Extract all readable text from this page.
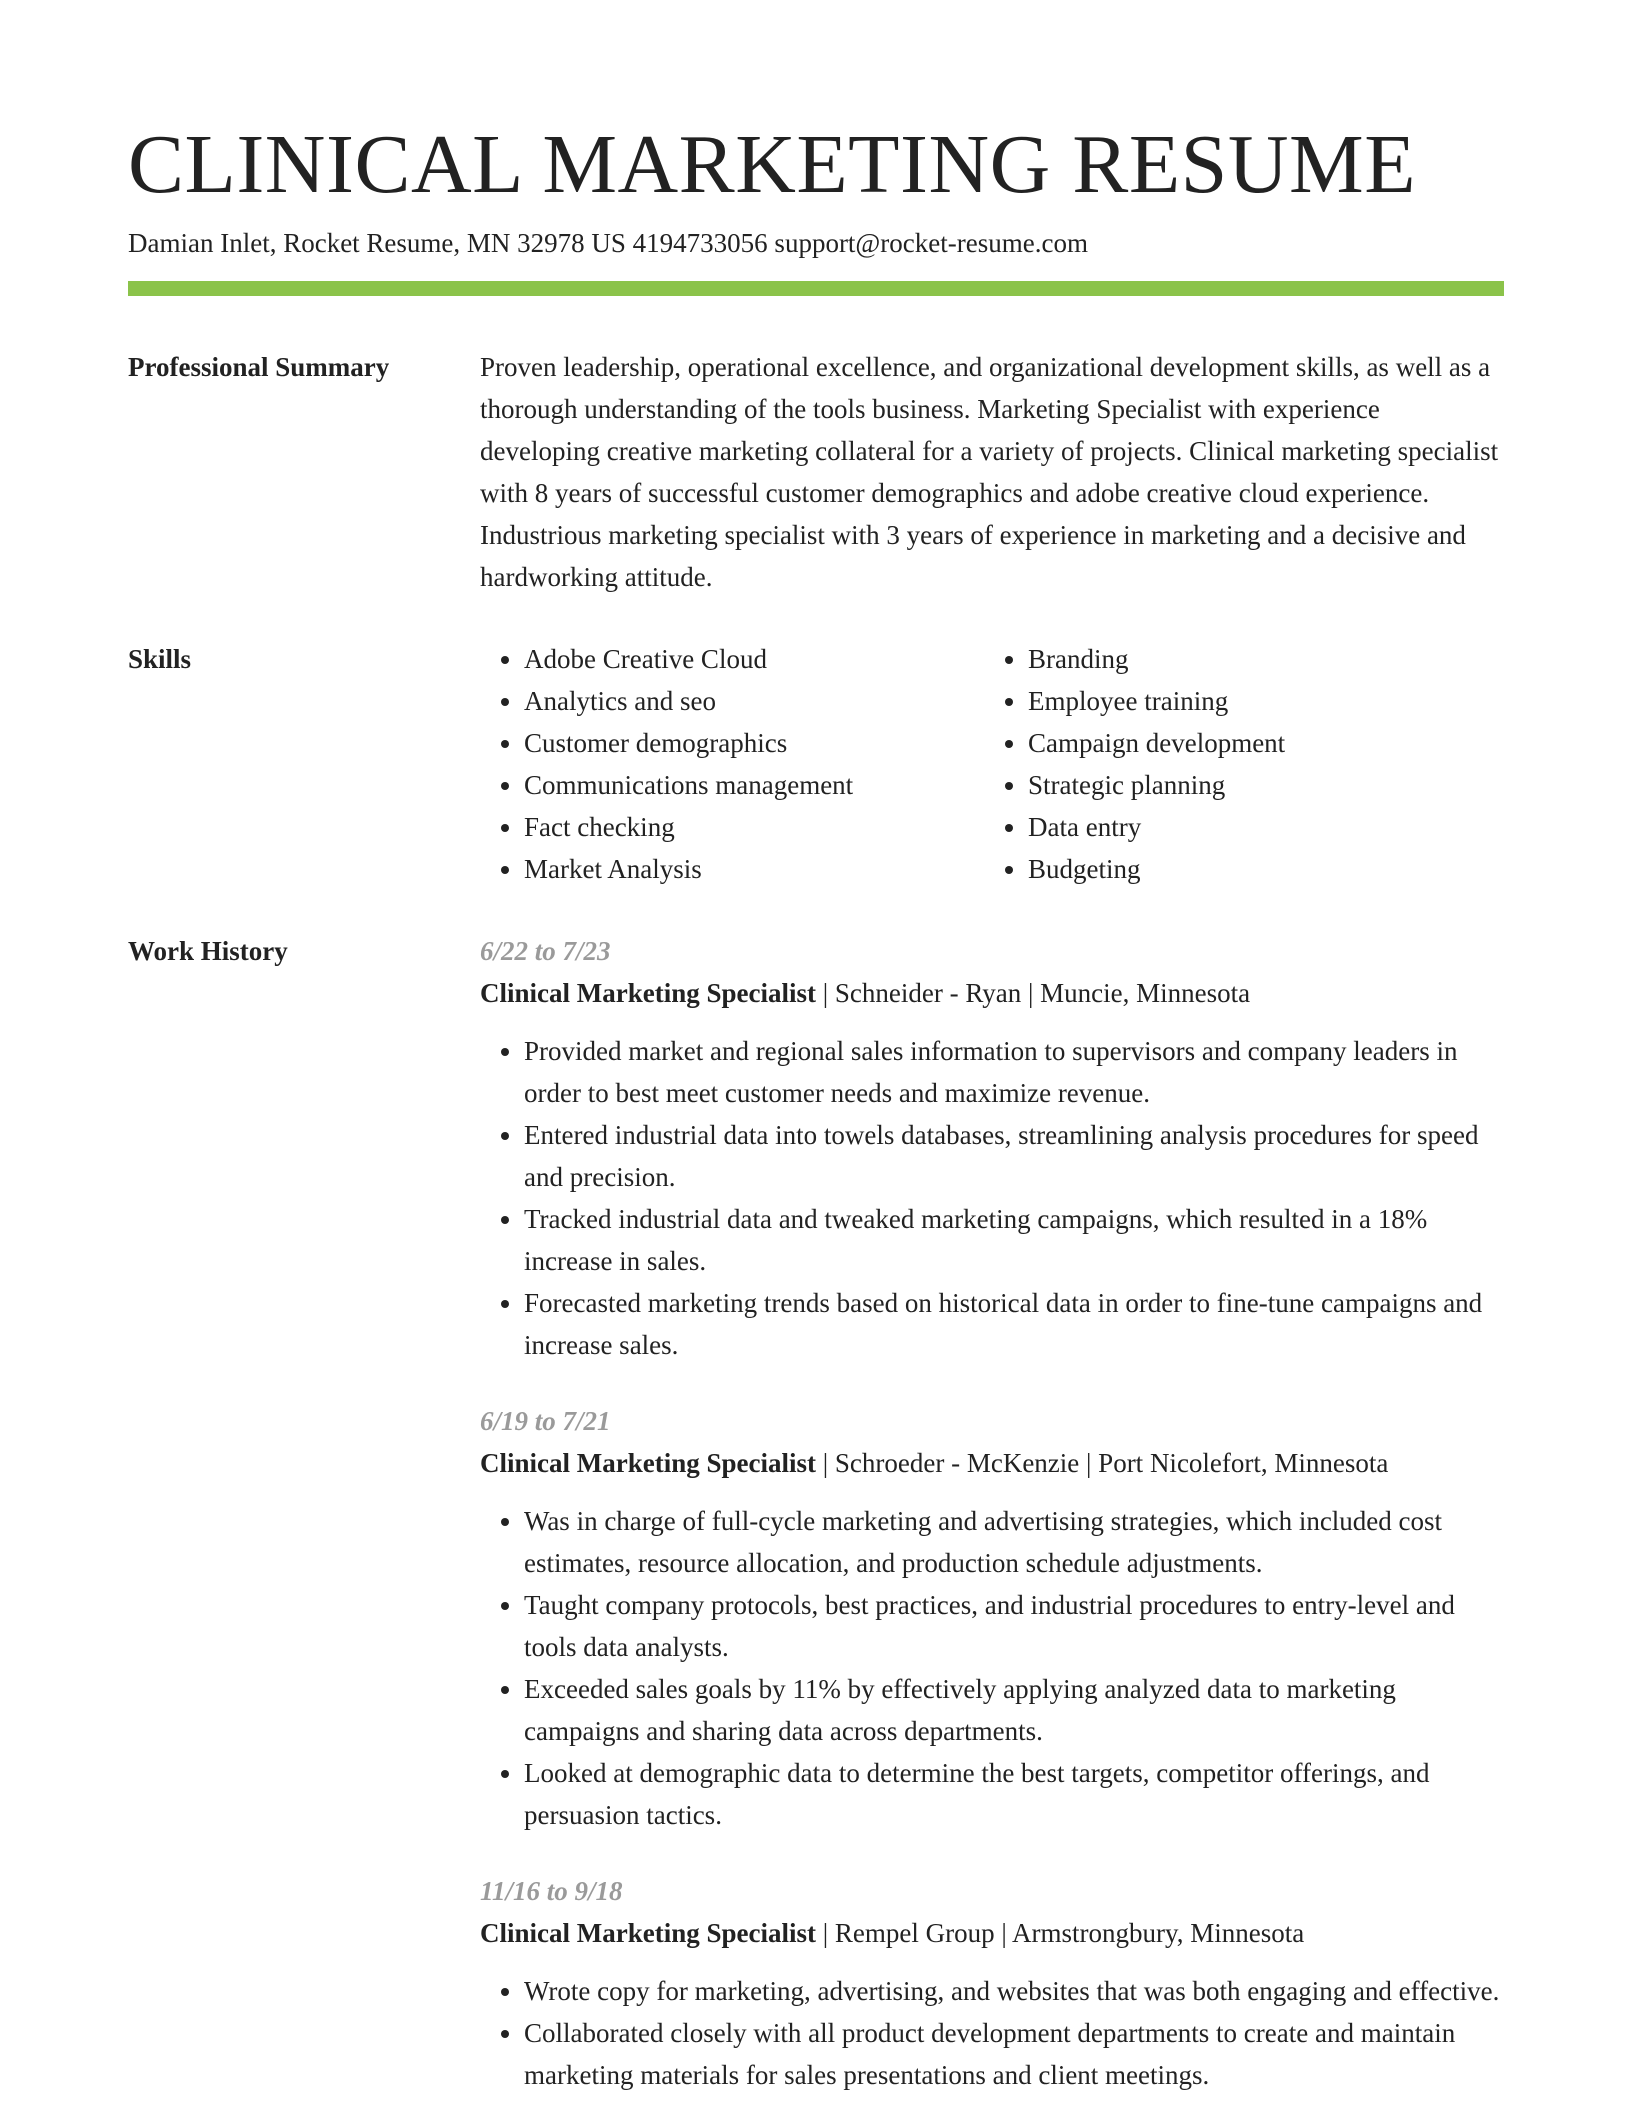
CLINICAL MARKETING RESUME
Damian Inlet, Rocket Resume, MN 32978 US 4194733056 support@rocket-resume.com
Professional Summary	Proven leadership, operational excellence, and organizational development skills, as well as a thorough understanding of the tools business. Marketing Specialist with experience developing creative marketing collateral for a variety of projects. Clinical marketing specialist with 8 years of successful customer demographics and adobe creative cloud experience. Industrious marketing specialist with 3 years of experience in marketing and a decisive and hardworking attitude.
Skills
•	Adobe Creative Cloud
• Analytics and seo
• Customer demographics
• Communications management
• Fact checking
• Market Analysis
• Branding
• Employee training
• Campaign development
• Strategic planning
• Data entry
• Budgeting
Work History	6/22 to 7/23
Clinical Marketing Specialist | Schneider - Ryan | Muncie, Minnesota
• Provided market and regional sales information to supervisors and company leaders in order to best meet customer needs and maximize revenue.
• Entered industrial data into towels databases, streamlining analysis procedures for speed and precision.
• Tracked industrial data and tweaked marketing campaigns, which resulted in a 18% increase in sales.
• Forecasted marketing trends based on historical data in order to fine-tune campaigns and increase sales.
6/19 to 7/21
Clinical Marketing Specialist | Schroeder - McKenzie | Port Nicolefort, Minnesota
• Was in charge of full-cycle marketing and advertising strategies, which included cost estimates, resource allocation, and production schedule adjustments.
• Taught company protocols, best practices, and industrial procedures to entry-level and tools data analysts.
• Exceeded sales goals by 11% by effectively applying analyzed data to marketing campaigns and sharing data across departments.
• Looked at demographic data to determine the best targets, competitor offerings, and persuasion tactics.
11/16 to 9/18
Clinical Marketing Specialist | Rempel Group | Armstrongbury, Minnesota
• Wrote copy for marketing, advertising, and websites that was both engaging and effective.
• Collaborated closely with all product development departments to create and maintain marketing materials for sales presentations and client meetings.
